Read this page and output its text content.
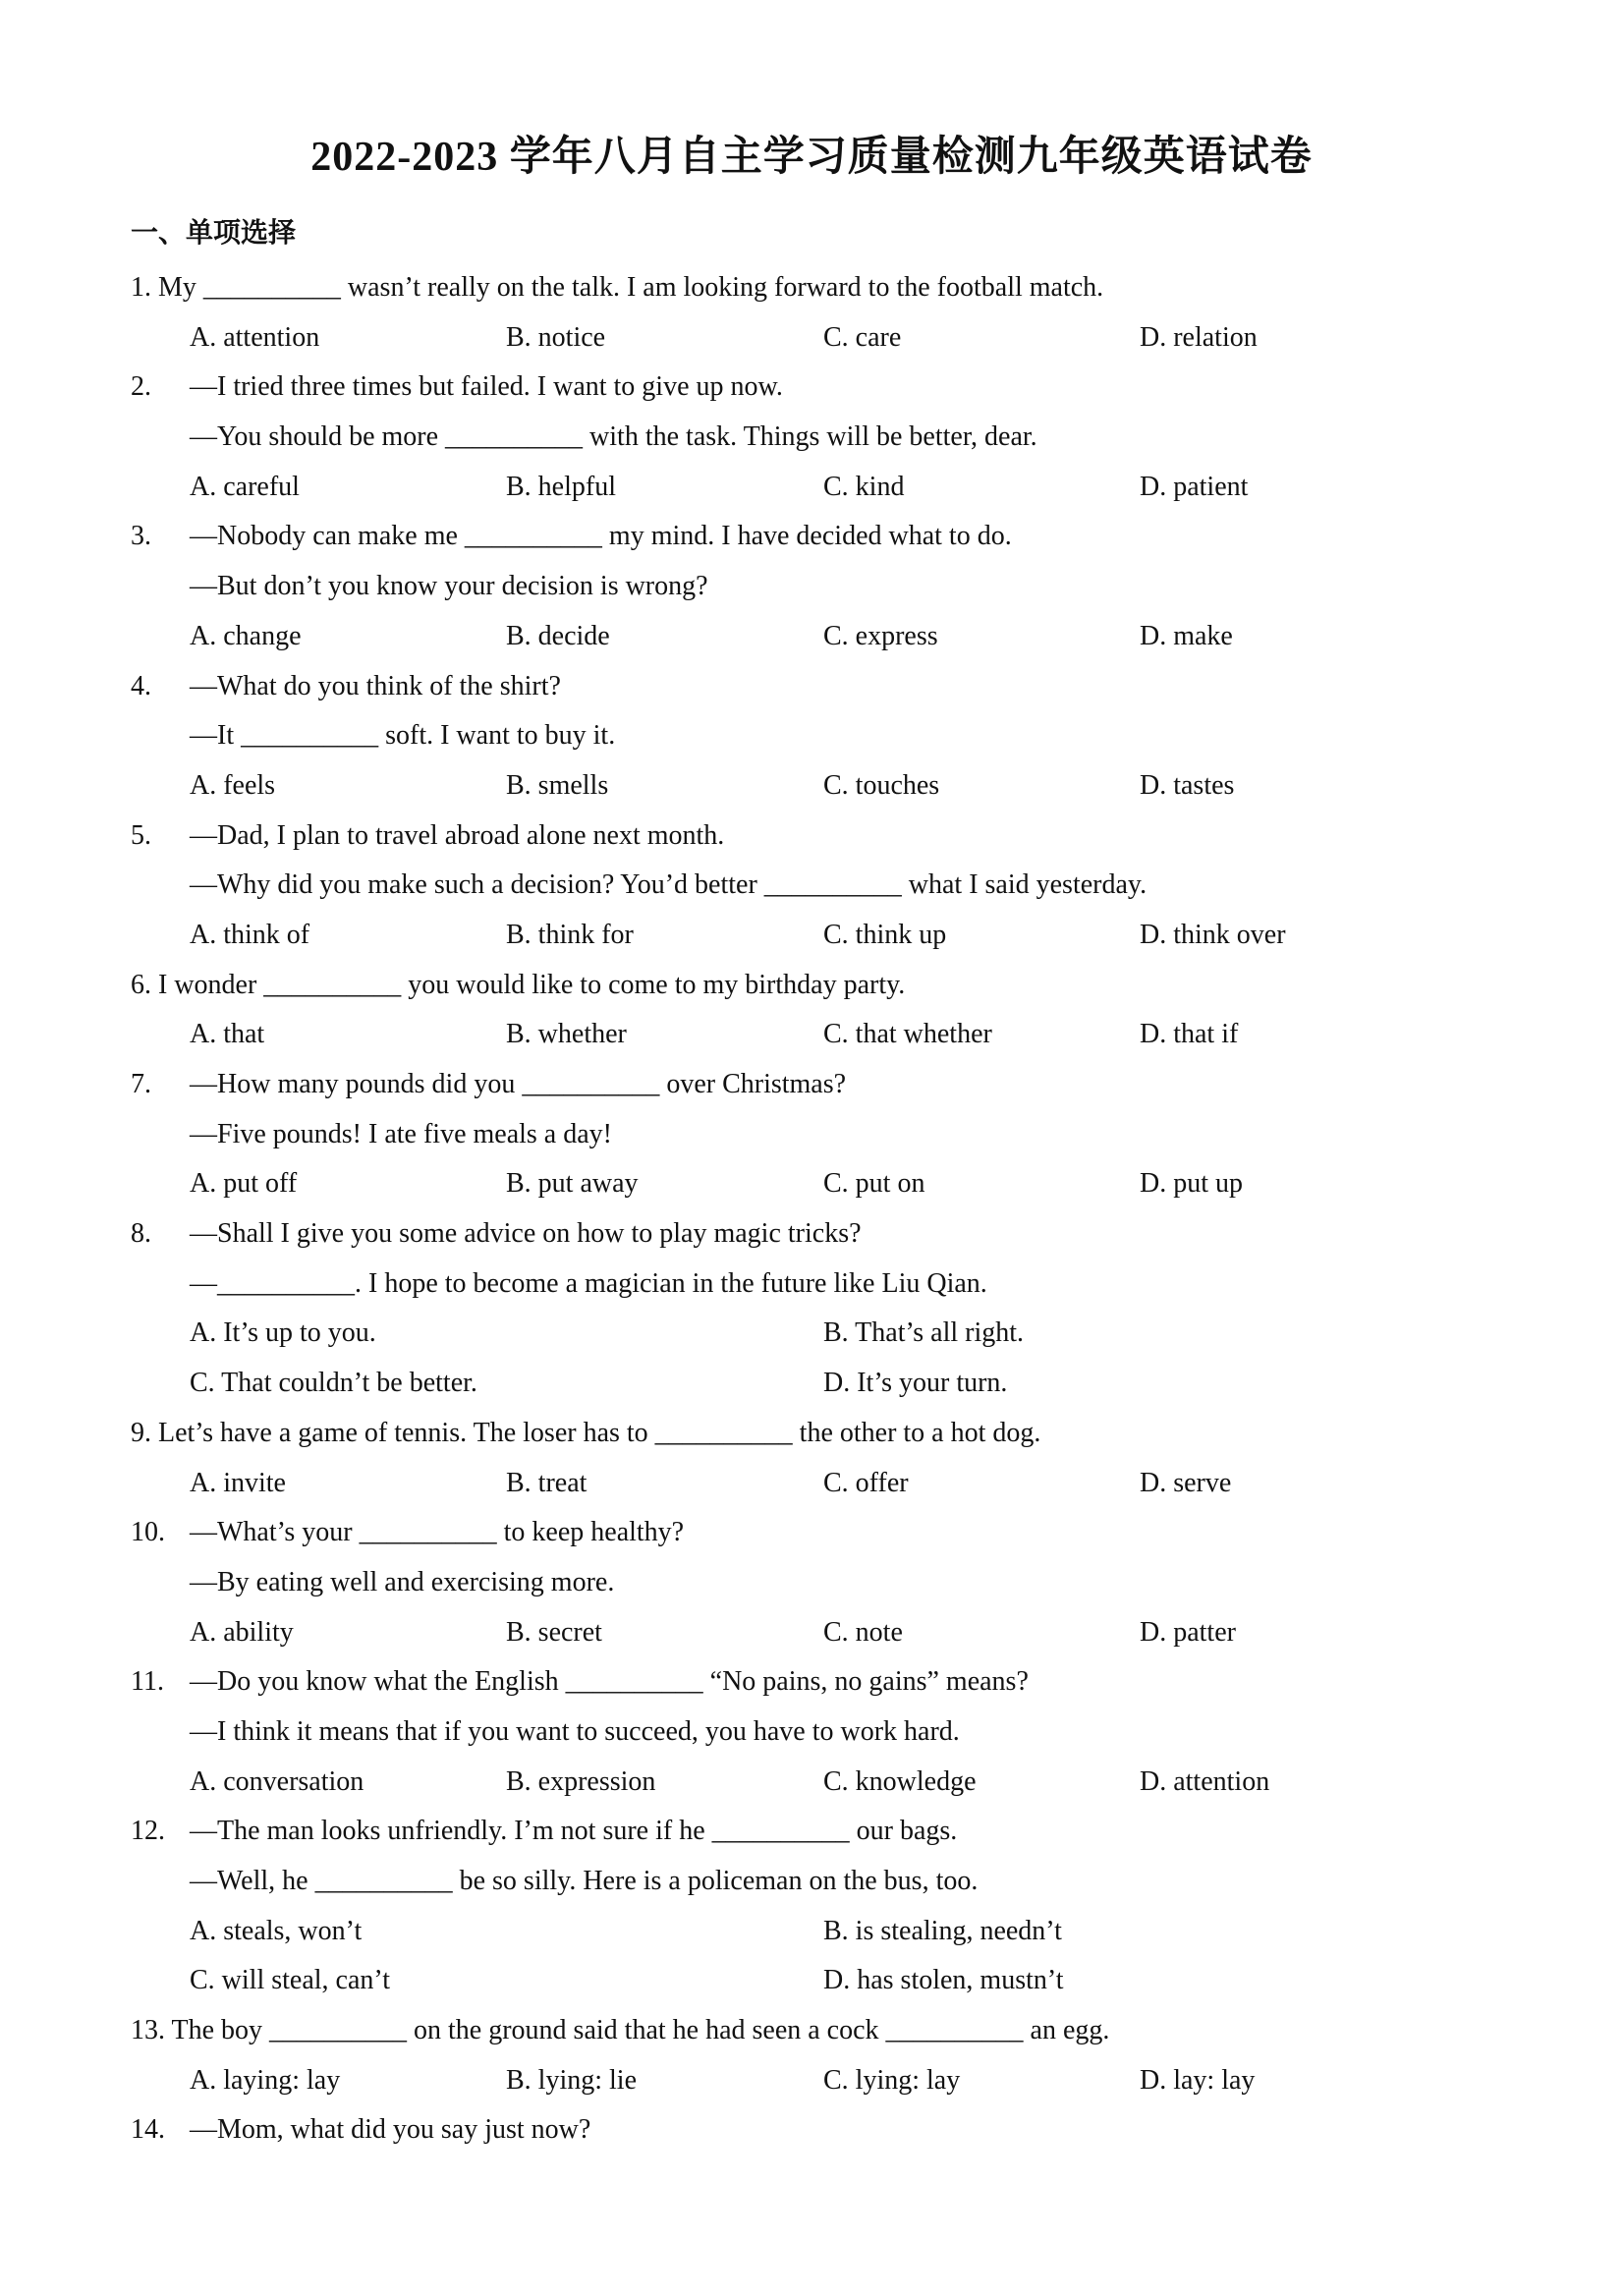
2022-2023 学年八月自主学习质量检测九年级英语试卷
一、单项选择
1. My __________ wasn’t really on the talk. I am looking forward to the football match.
A. attention	B. notice	C. care	D. relation
2. —I tried three times but failed. I want to give up now.
—You should be more __________ with the task. Things will be better, dear.
A. careful	B. helpful	C. kind	D. patient
3. —Nobody can make me __________ my mind. I have decided what to do.
—But don’t you know your decision is wrong?
A. change	B. decide	C. express	D. make
4. —What do you think of the shirt?
—It __________ soft. I want to buy it.
A. feels	B. smells	C. touches	D. tastes
5. —Dad, I plan to travel abroad alone next month.
—Why did you make such a decision? You’d better __________ what I said yesterday.
A. think of	B. think for	C. think up	D. think over
6. I wonder __________ you would like to come to my birthday party.
A. that	B. whether	C. that whether	D. that if
7. —How many pounds did you __________ over Christmas?
—Five pounds! I ate five meals a day!
A. put off	B. put away	C. put on	D. put up
8. —Shall I give you some advice on how to play magic tricks?
—__________. I hope to become a magician in the future like Liu Qian.
A. It’s up to you.	B. That’s all right.
C. That couldn’t be better.	D. It’s your turn.
9. Let’s have a game of tennis. The loser has to __________ the other to a hot dog.
A. invite	B. treat	C. offer	D. serve
10. —What’s your __________ to keep healthy?
—By eating well and exercising more.
A. ability	B. secret	C. note	D. patter
11. —Do you know what the English __________ “No pains, no gains” means?
—I think it means that if you want to succeed, you have to work hard.
A. conversation	B. expression	C. knowledge	D. attention
12. —The man looks unfriendly. I’m not sure if he __________ our bags.
—Well, he __________ be so silly. Here is a policeman on the bus, too.
A. steals, won’t	B. is stealing, needn’t
C. will steal, can’t	D. has stolen, mustn’t
13. The boy __________ on the ground said that he had seen a cock __________ an egg.
A. laying: lay	B. lying: lie	C. lying: lay	D. lay: lay
14. —Mom, what did you say just now?
